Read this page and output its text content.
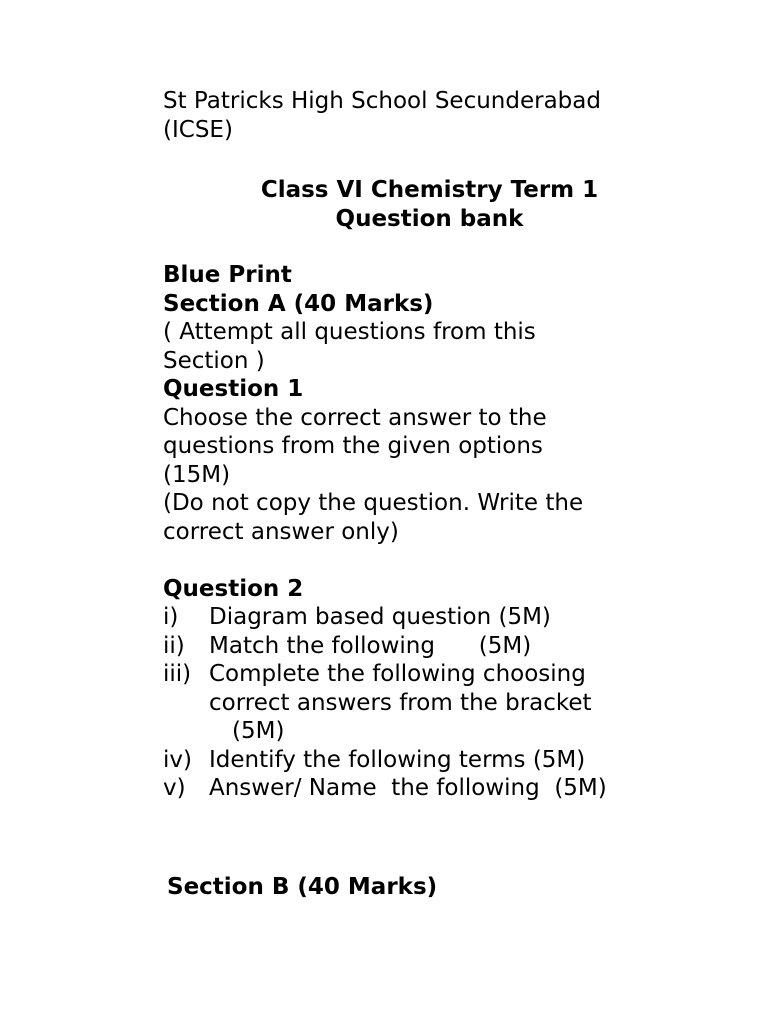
St Patricks High School Secunderabad
(ICSE)
Class VI Chemistry Term 1
Question bank
Blue Print
Section A (40 Marks)
( Attempt all questions from this
Section )
Question 1
Choose the correct answer to the
questions from the given options
(15M)
(Do not copy the question. Write the
correct answer only)
Question 2
i)	Diagram based question (5M)
ii)	Match the following      (5M)
iii) Complete the following choosing
correct answers from the bracket
(5M)
iv) Identify the following terms (5M)
v)	Answer/ Name  the following  (5M)
Section B (40 Marks)
